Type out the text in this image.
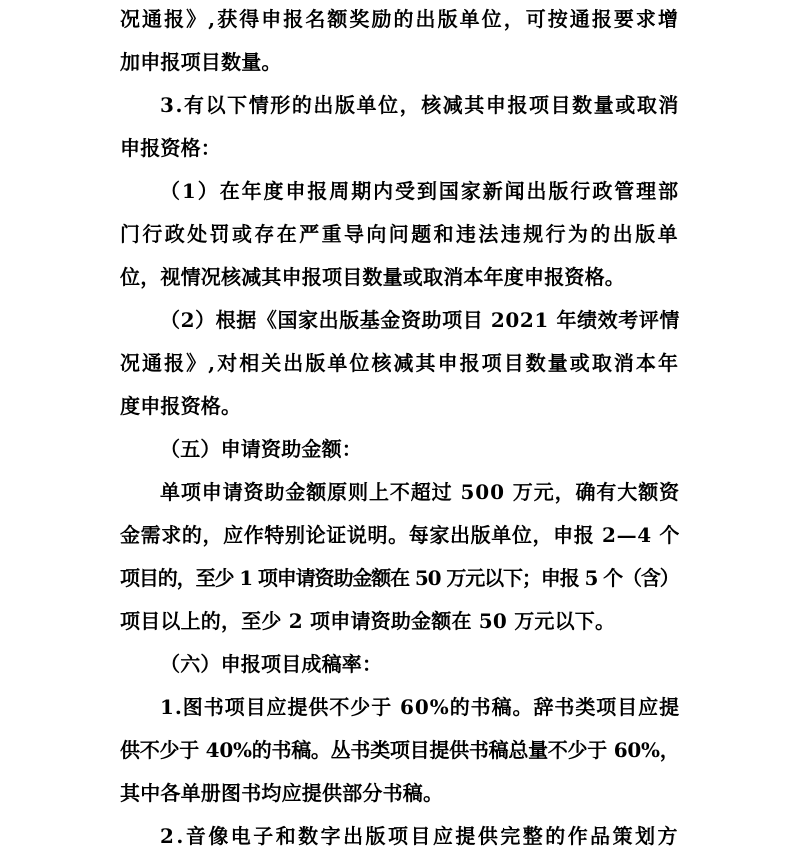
况通报》,获得申报名额奖励的出版单位，可按通报要求增
加申报项目数量。
3.有以下情形的出版单位，核减其申报项目数量或取消
申报资格：
（1）在年度申报周期内受到国家新闻出版行政管理部
门行政处罚或存在严重导向问题和违法违规行为的出版单
位，视情况核减其申报项目数量或取消本年度申报资格。
（2）根据《国家出版基金资助项目 2021 年绩效考评情
况通报》,对相关出版单位核减其申报项目数量或取消本年
度申报资格。
（五）申请资助金额：
单项申请资助金额原则上不超过 500 万元，确有大额资
金需求的，应作特别论证说明。每家出版单位，申报 2—4 个
项目的，至少 1 项申请资助金额在 50 万元以下；申报 5 个（含）
项目以上的，至少 2 项申请资助金额在 50 万元以下。
（六）申报项目成稿率：
1.图书项目应提供不少于 60%的书稿。辞书类项目应提
供不少于 40%的书稿。丛书类项目提供书稿总量不少于 60%，
其中各单册图书均应提供部分书稿。
2.音像电子和数字出版项目应提供完整的作品策划方
